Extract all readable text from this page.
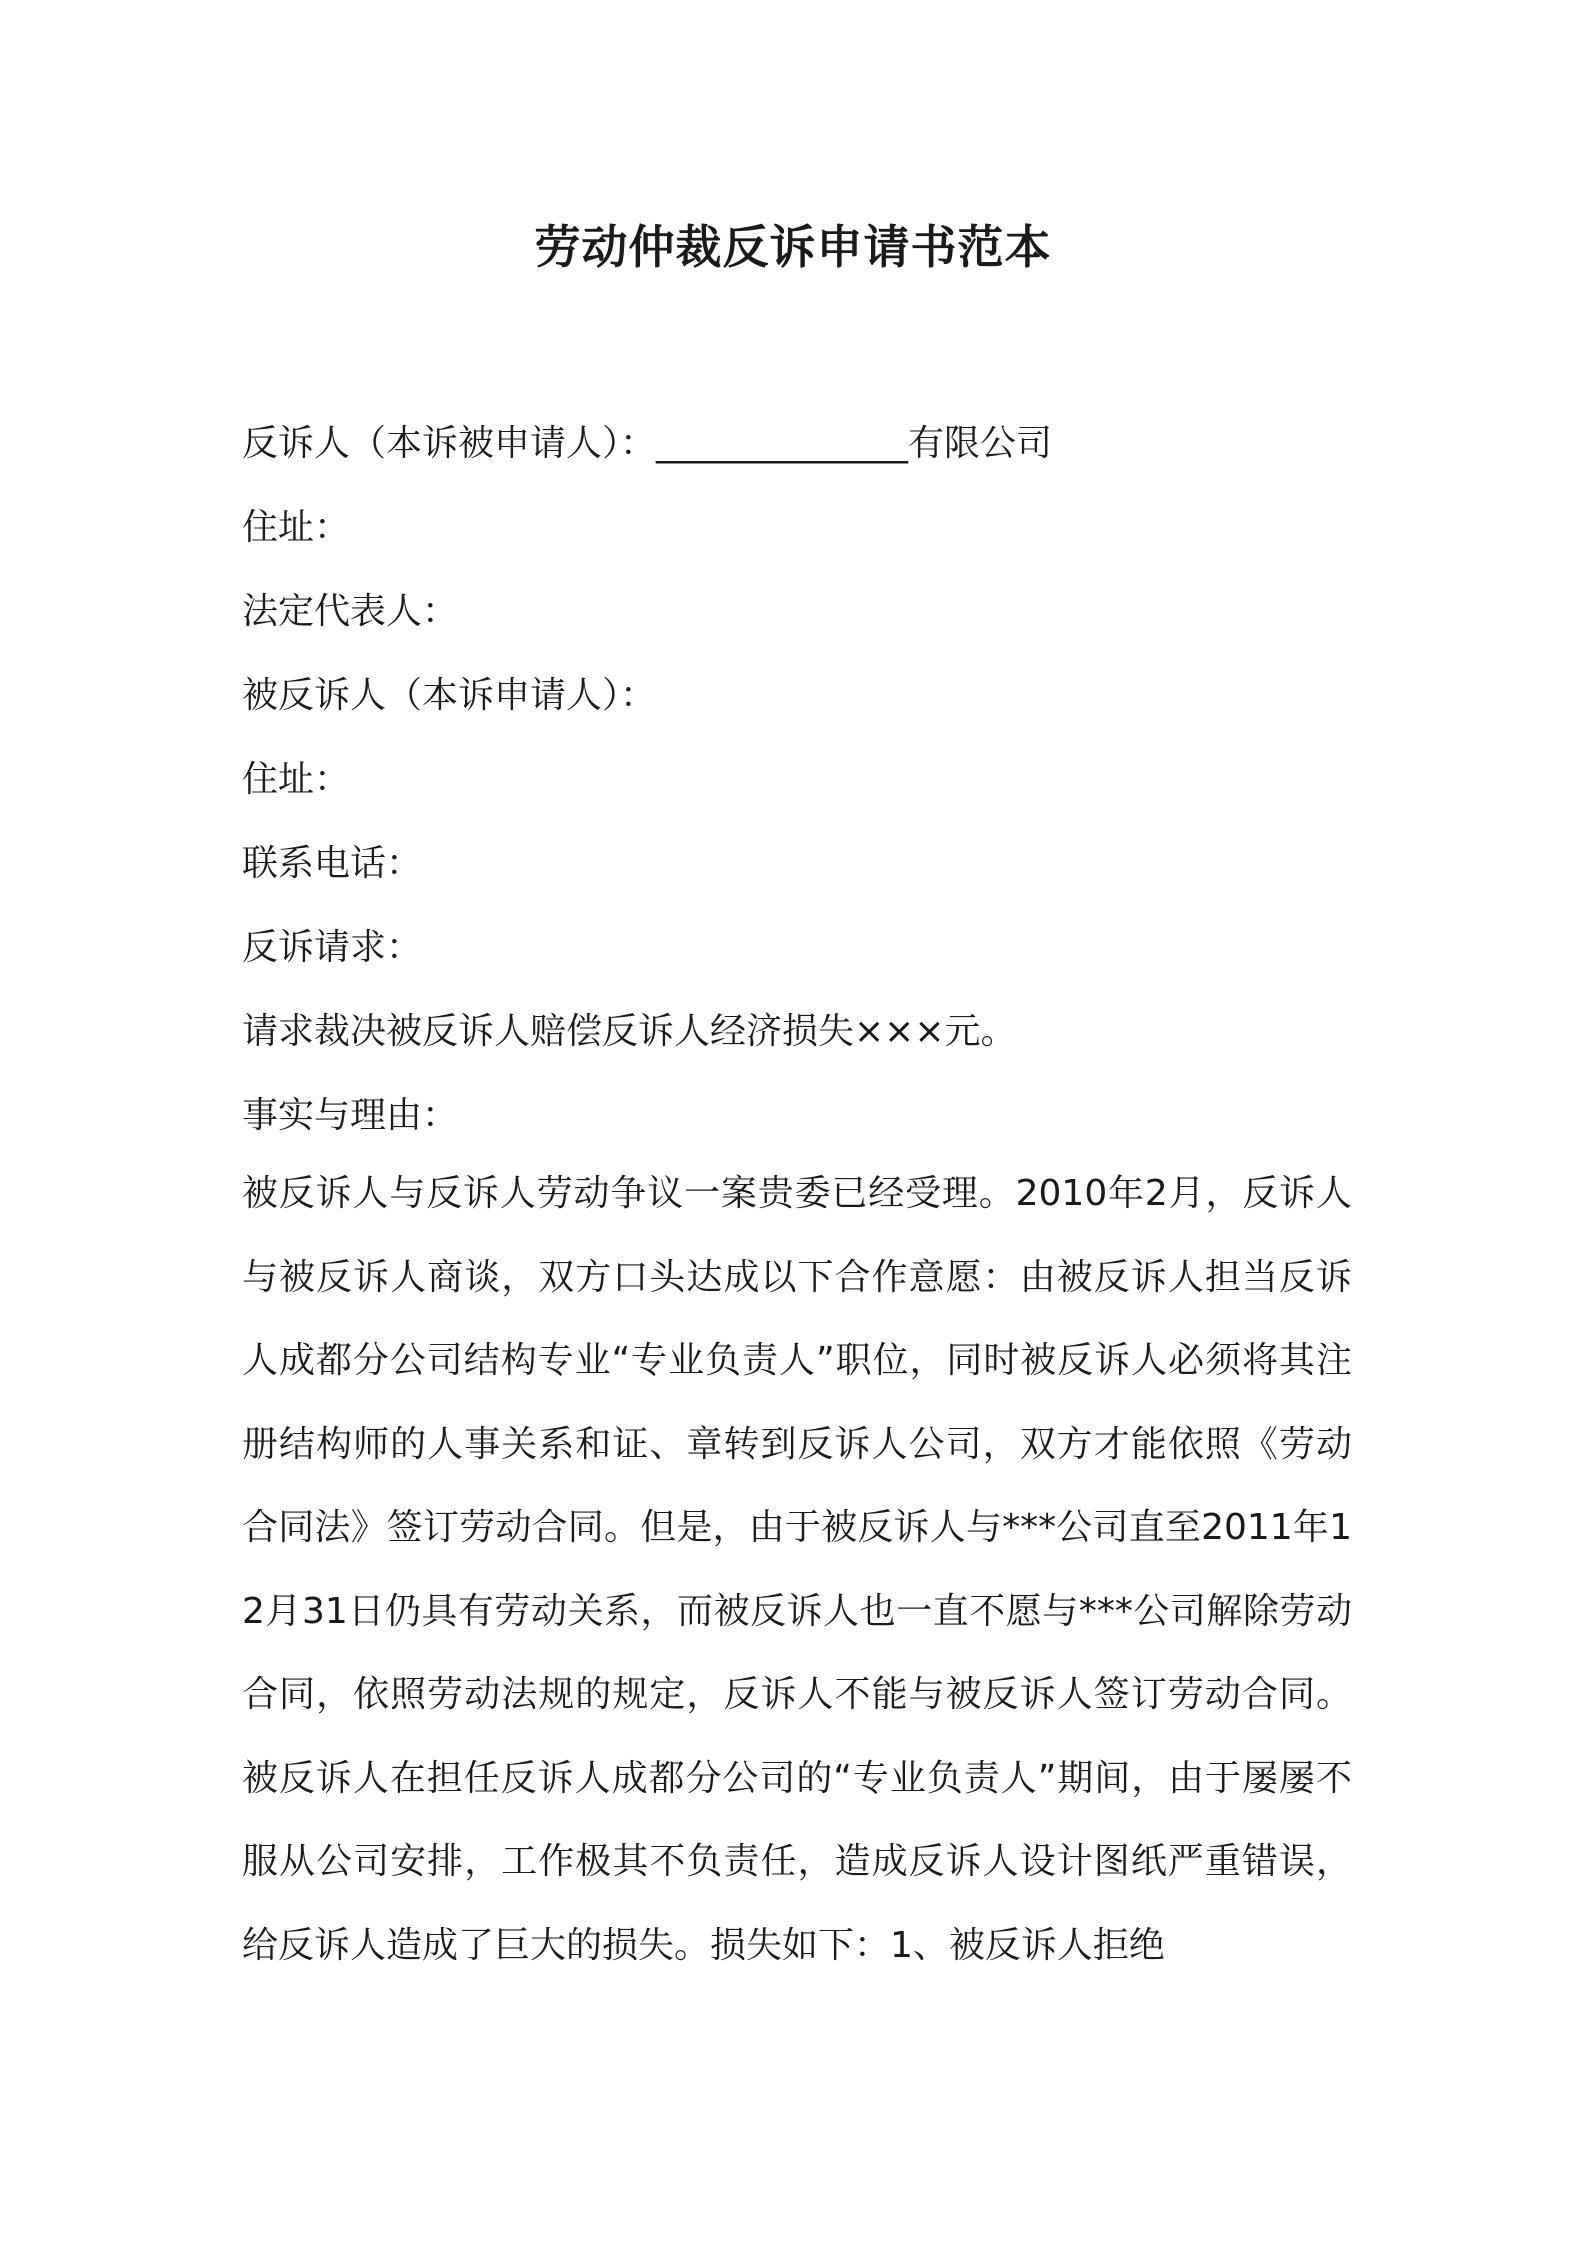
劳动仲裁反诉申请书范本
反诉人（本诉被申请人）：______________有限公司
住址：
法定代表人：
被反诉人（本诉申请人）：
住址：
联系电话：
反诉请求：
请求裁决被反诉人赔偿反诉人经济损失×××元。
事实与理由：

被反诉人与反诉人劳动争议一案贵委已经受理。2010年2月，反诉人与被反诉人商谈，双方口头达成以下合作意愿：由被反诉人担当反诉人成都分公司结构专业“专业负责人”职位，同时被反诉人必须将其注册结构师的人事关系和证、章转到反诉人公司，双方才能依照《劳动合同法》签订劳动合同。但是，由于被反诉人与***公司直至2011年12月31日仍具有劳动关系，而被反诉人也一直不愿与***公司解除劳动合同，依照劳动法规的规定，反诉人不能与被反诉人签订劳动合同。被反诉人在担任反诉人成都分公司的“专业负责人”期间，由于屡屡不服从公司安排，工作极其不负责任，造成反诉人设计图纸严重错误，给反诉人造成了巨大的损失。损失如下：1、被反诉人拒绝
